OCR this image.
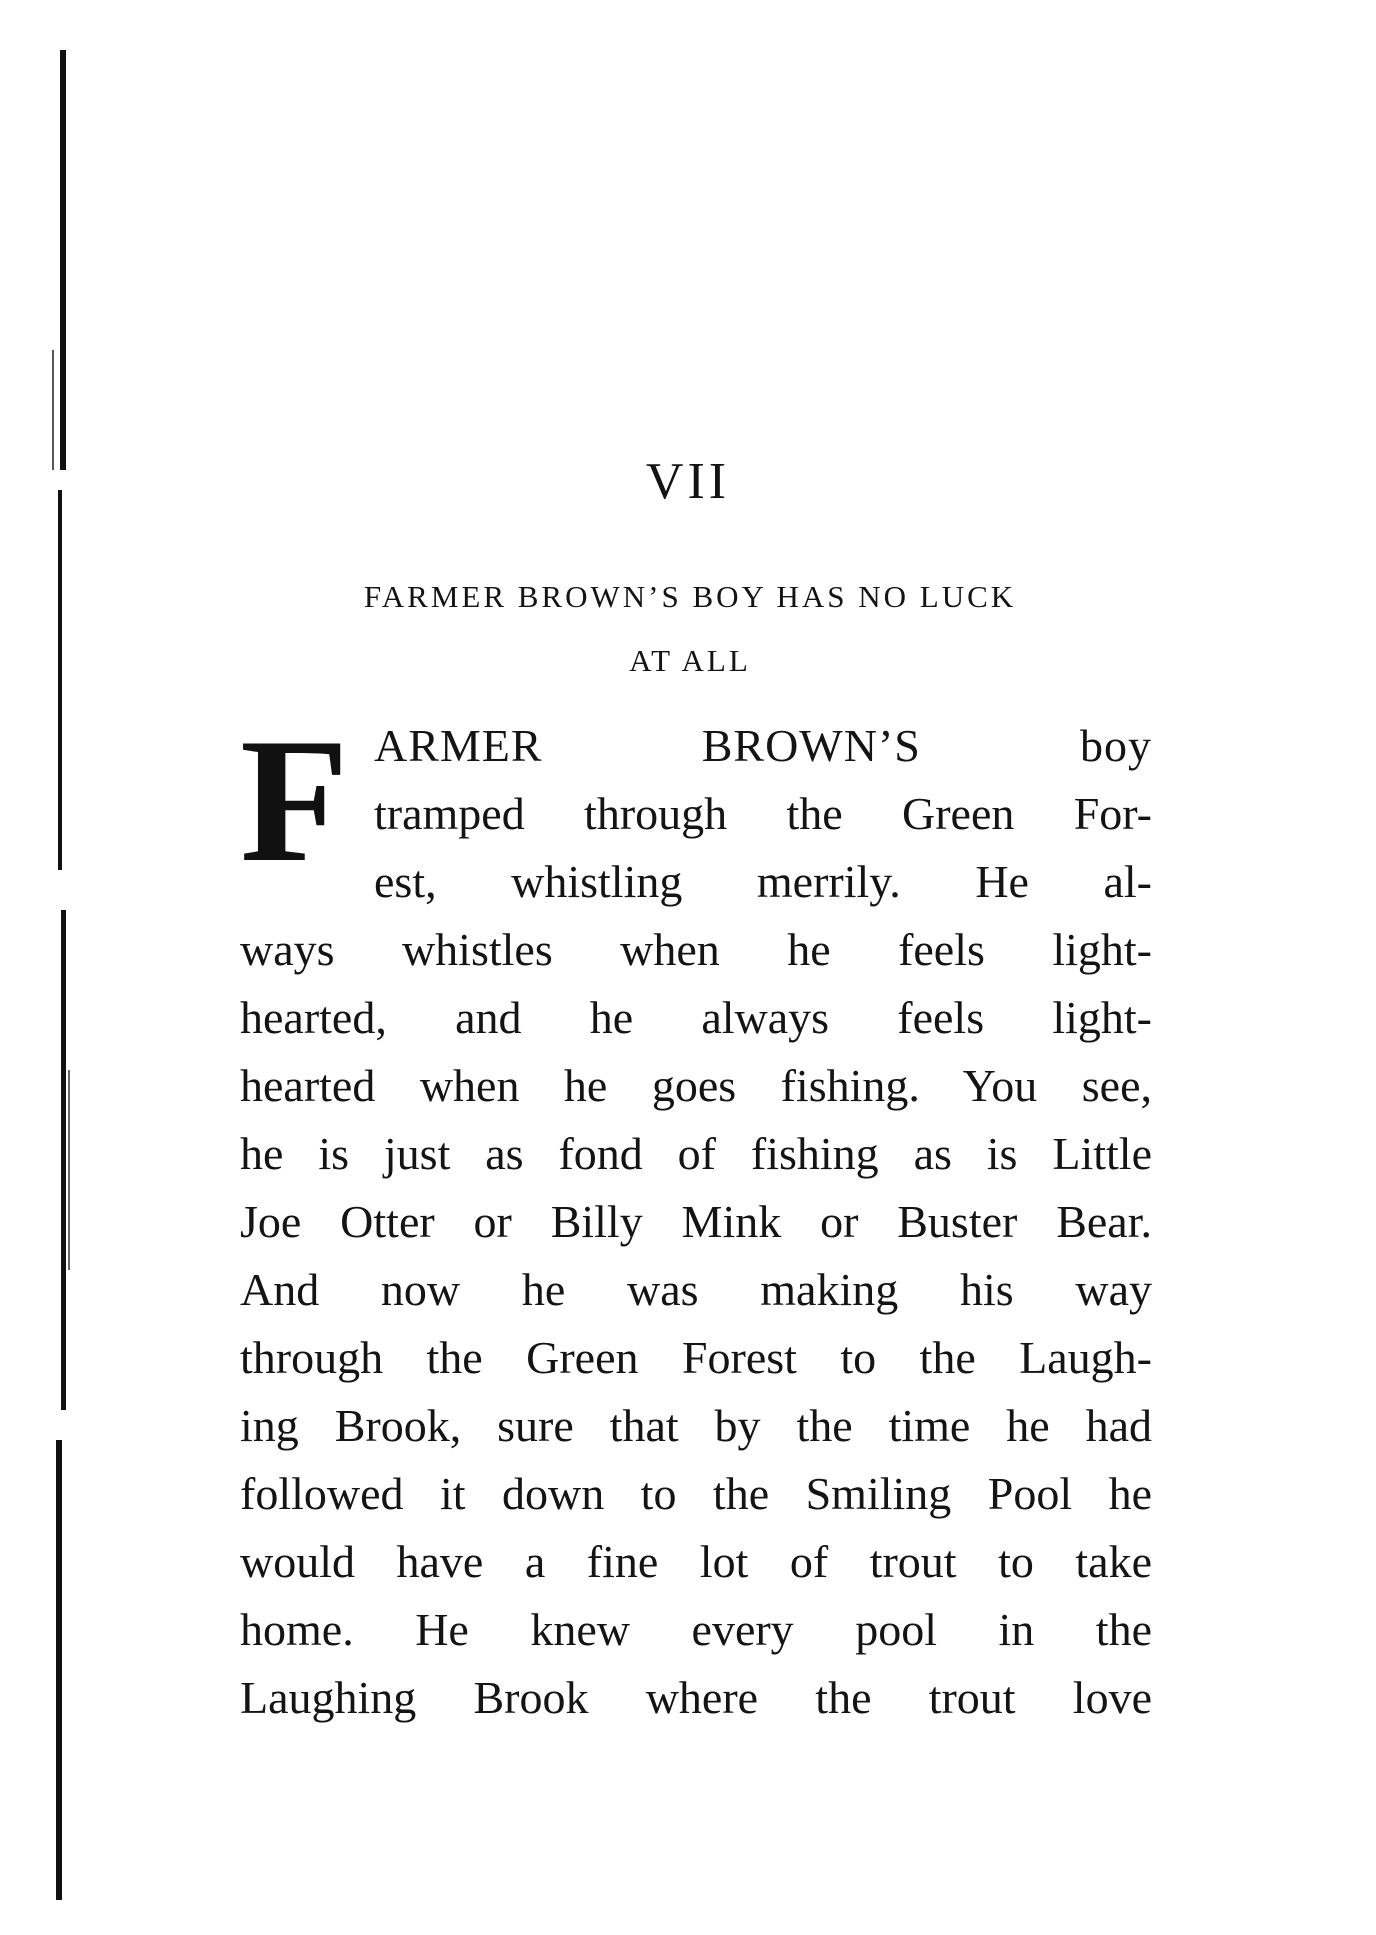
VII
FARMER BROWN’S BOY HAS NO LUCK
AT ALL
F ARMER BROWN’S boy
tramped through the Green For-
est, whistling merrily. He al-
ways whistles when he feels light-
hearted, and he always feels light-
hearted when he goes fishing. You see,
he is just as fond of fishing as is Little
Joe Otter or Billy Mink or Buster Bear.
And now he was making his way
through the Green Forest to the Laugh-
ing Brook, sure that by the time he had
followed it down to the Smiling Pool he
would have a fine lot of trout to take
home. He knew every pool in the
Laughing Brook where the trout love
